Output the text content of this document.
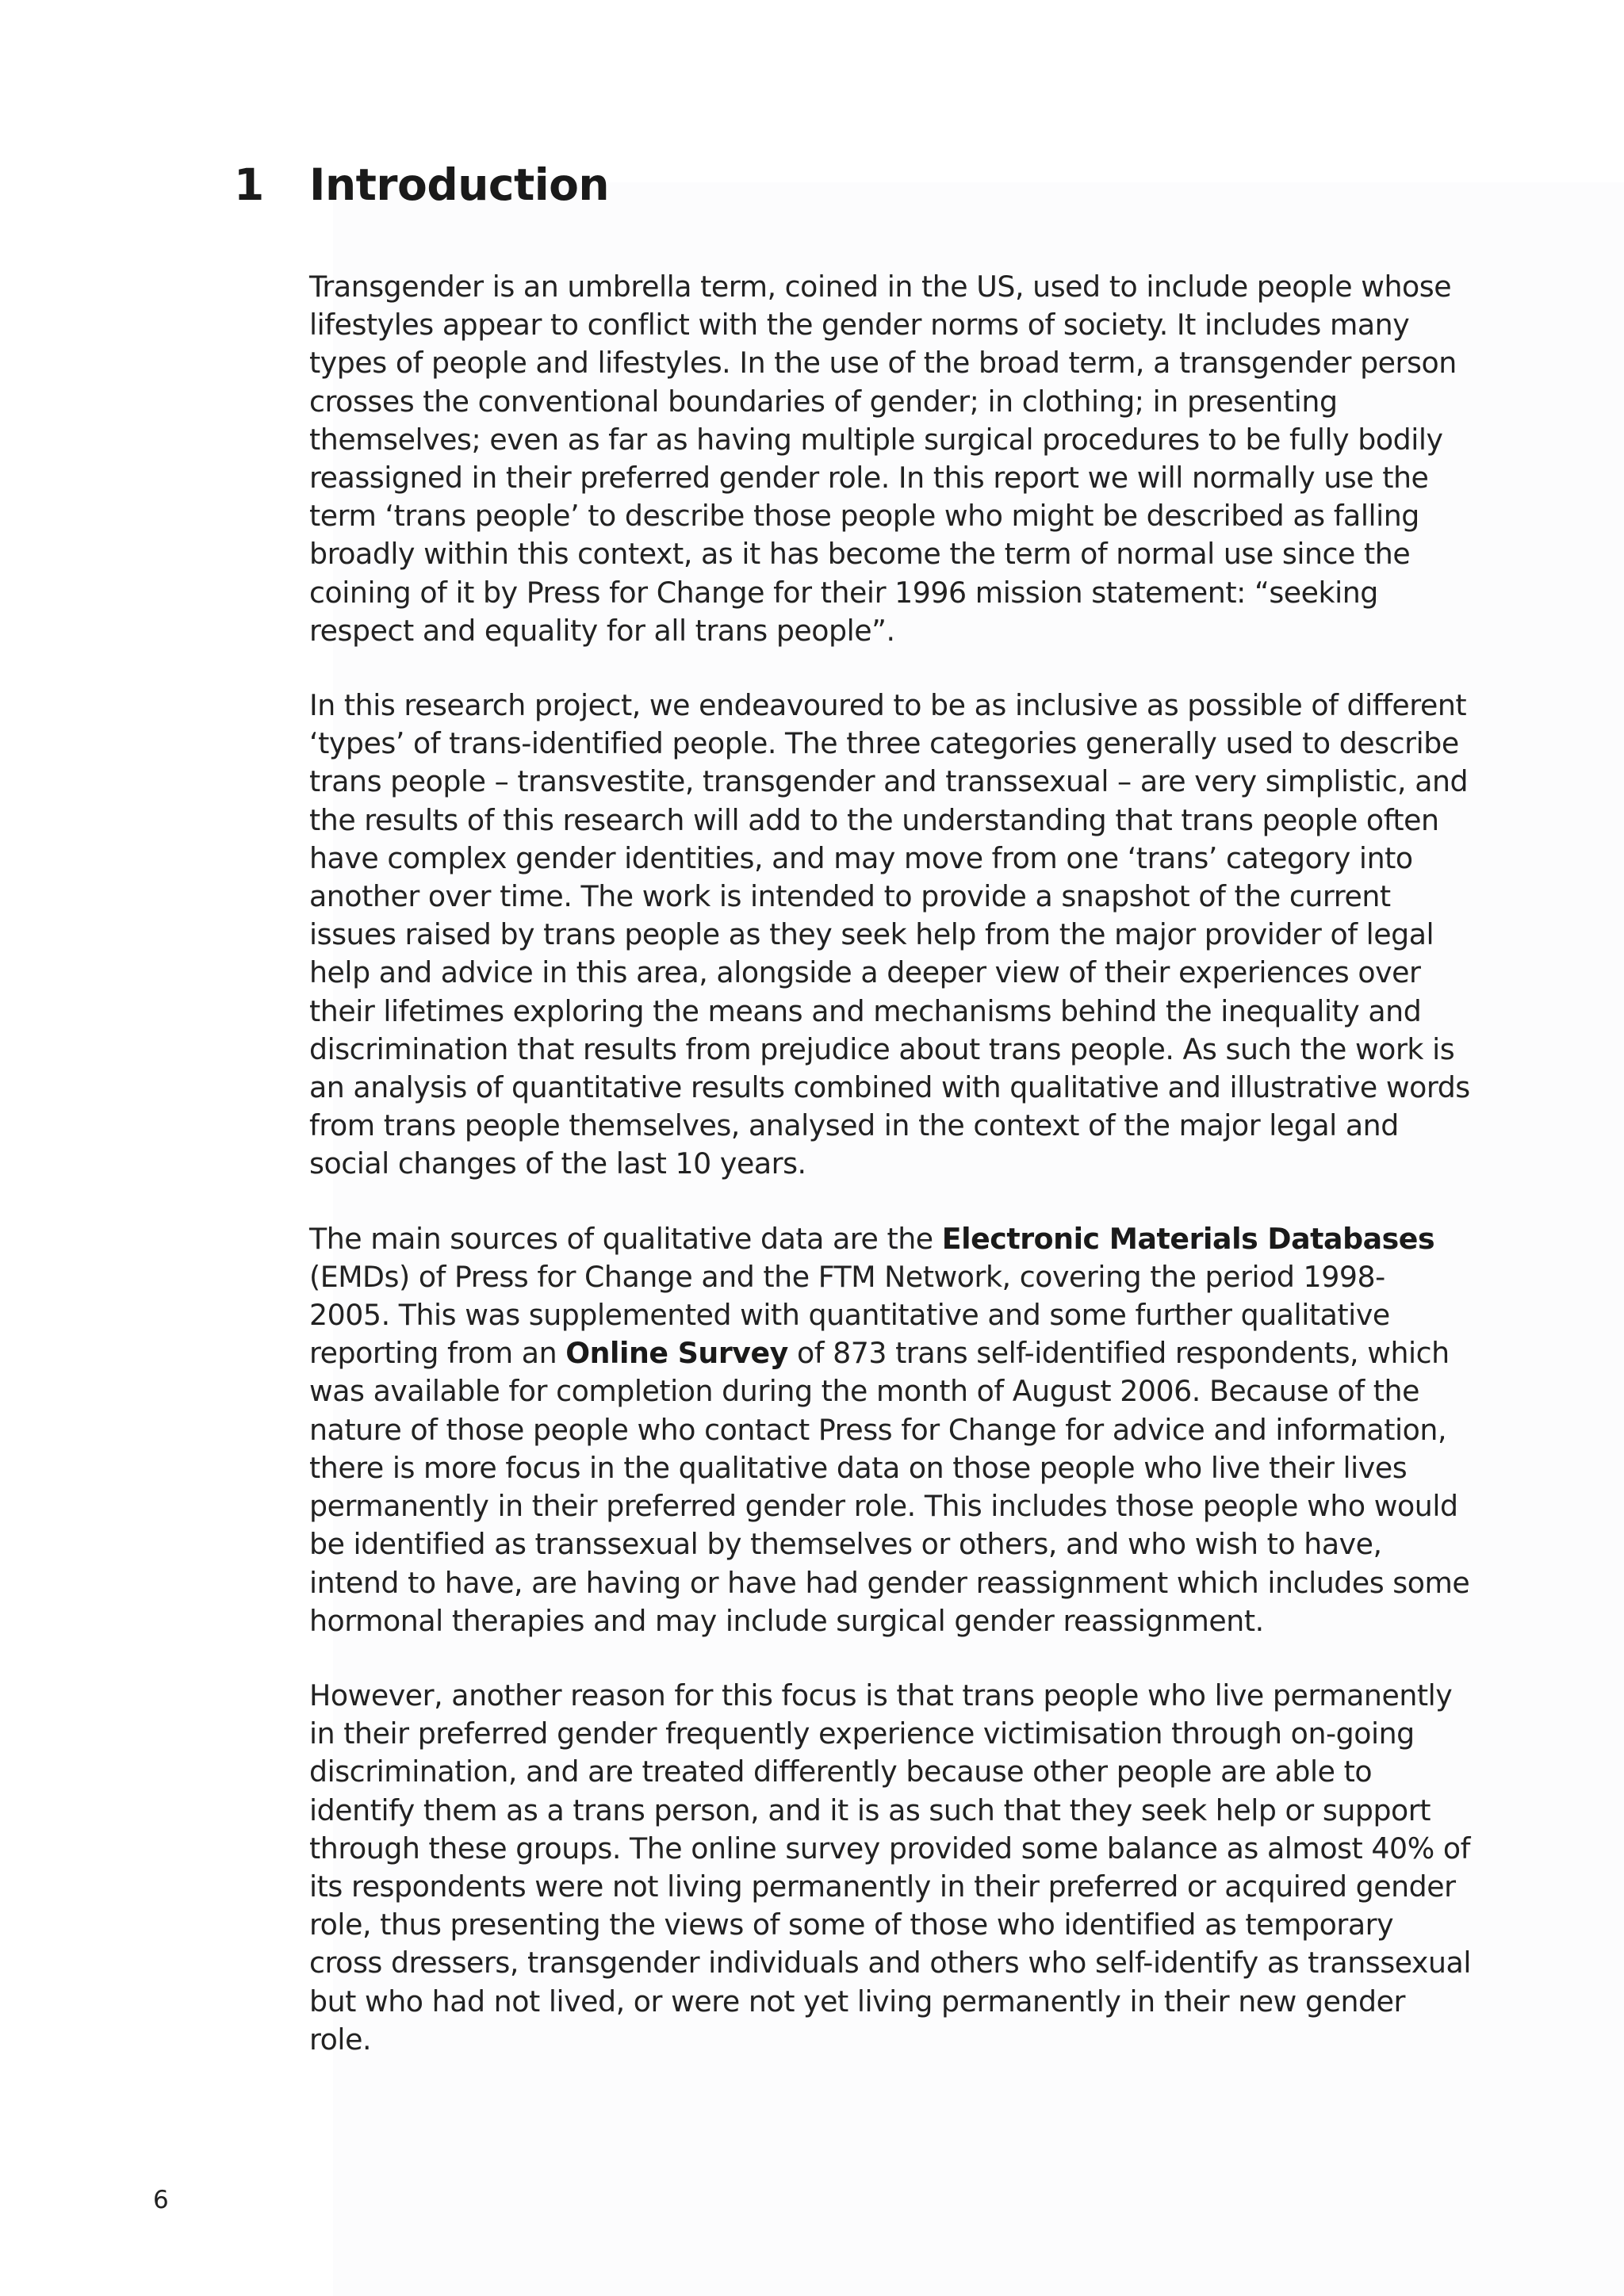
1 Introduction

Transgender is an umbrella term, coined in the US, used to include people whose
lifestyles appear to conflict with the gender norms of society. It includes many
types of people and lifestyles. In the use of the broad term, a transgender person
crosses the conventional boundaries of gender; in clothing; in presenting
themselves; even as far as having multiple surgical procedures to be fully bodily
reassigned in their preferred gender role. In this report we will normally use the
term ‘trans people’ to describe those people who might be described as falling
broadly within this context, as it has become the term of normal use since the
coining of it by Press for Change for their 1996 mission statement: “seeking
respect and equality for all trans people”.

In this research project, we endeavoured to be as inclusive as possible of different
‘types’ of trans-identified people. The three categories generally used to describe
trans people – transvestite, transgender and transsexual – are very simplistic, and
the results of this research will add to the understanding that trans people often
have complex gender identities, and may move from one ‘trans’ category into
another over time. The work is intended to provide a snapshot of the current
issues raised by trans people as they seek help from the major provider of legal
help and advice in this area, alongside a deeper view of their experiences over
their lifetimes exploring the means and mechanisms behind the inequality and
discrimination that results from prejudice about trans people. As such the work is
an analysis of quantitative results combined with qualitative and illustrative words
from trans people themselves, analysed in the context of the major legal and
social changes of the last 10 years.

The main sources of qualitative data are the Electronic Materials Databases
(EMDs) of Press for Change and the FTM Network, covering the period 1998-
2005. This was supplemented with quantitative and some further qualitative
reporting from an Online Survey of 873 trans self-identified respondents, which
was available for completion during the month of August 2006. Because of the
nature of those people who contact Press for Change for advice and information,
there is more focus in the qualitative data on those people who live their lives
permanently in their preferred gender role. This includes those people who would
be identified as transsexual by themselves or others, and who wish to have,
intend to have, are having or have had gender reassignment which includes some
hormonal therapies and may include surgical gender reassignment.

However, another reason for this focus is that trans people who live permanently
in their preferred gender frequently experience victimisation through on-going
discrimination, and are treated differently because other people are able to
identify them as a trans person, and it is as such that they seek help or support
through these groups. The online survey provided some balance as almost 40% of
its respondents were not living permanently in their preferred or acquired gender
role, thus presenting the views of some of those who identified as temporary
cross dressers, transgender individuals and others who self-identify as transsexual
but who had not lived, or were not yet living permanently in their new gender
role.

6
